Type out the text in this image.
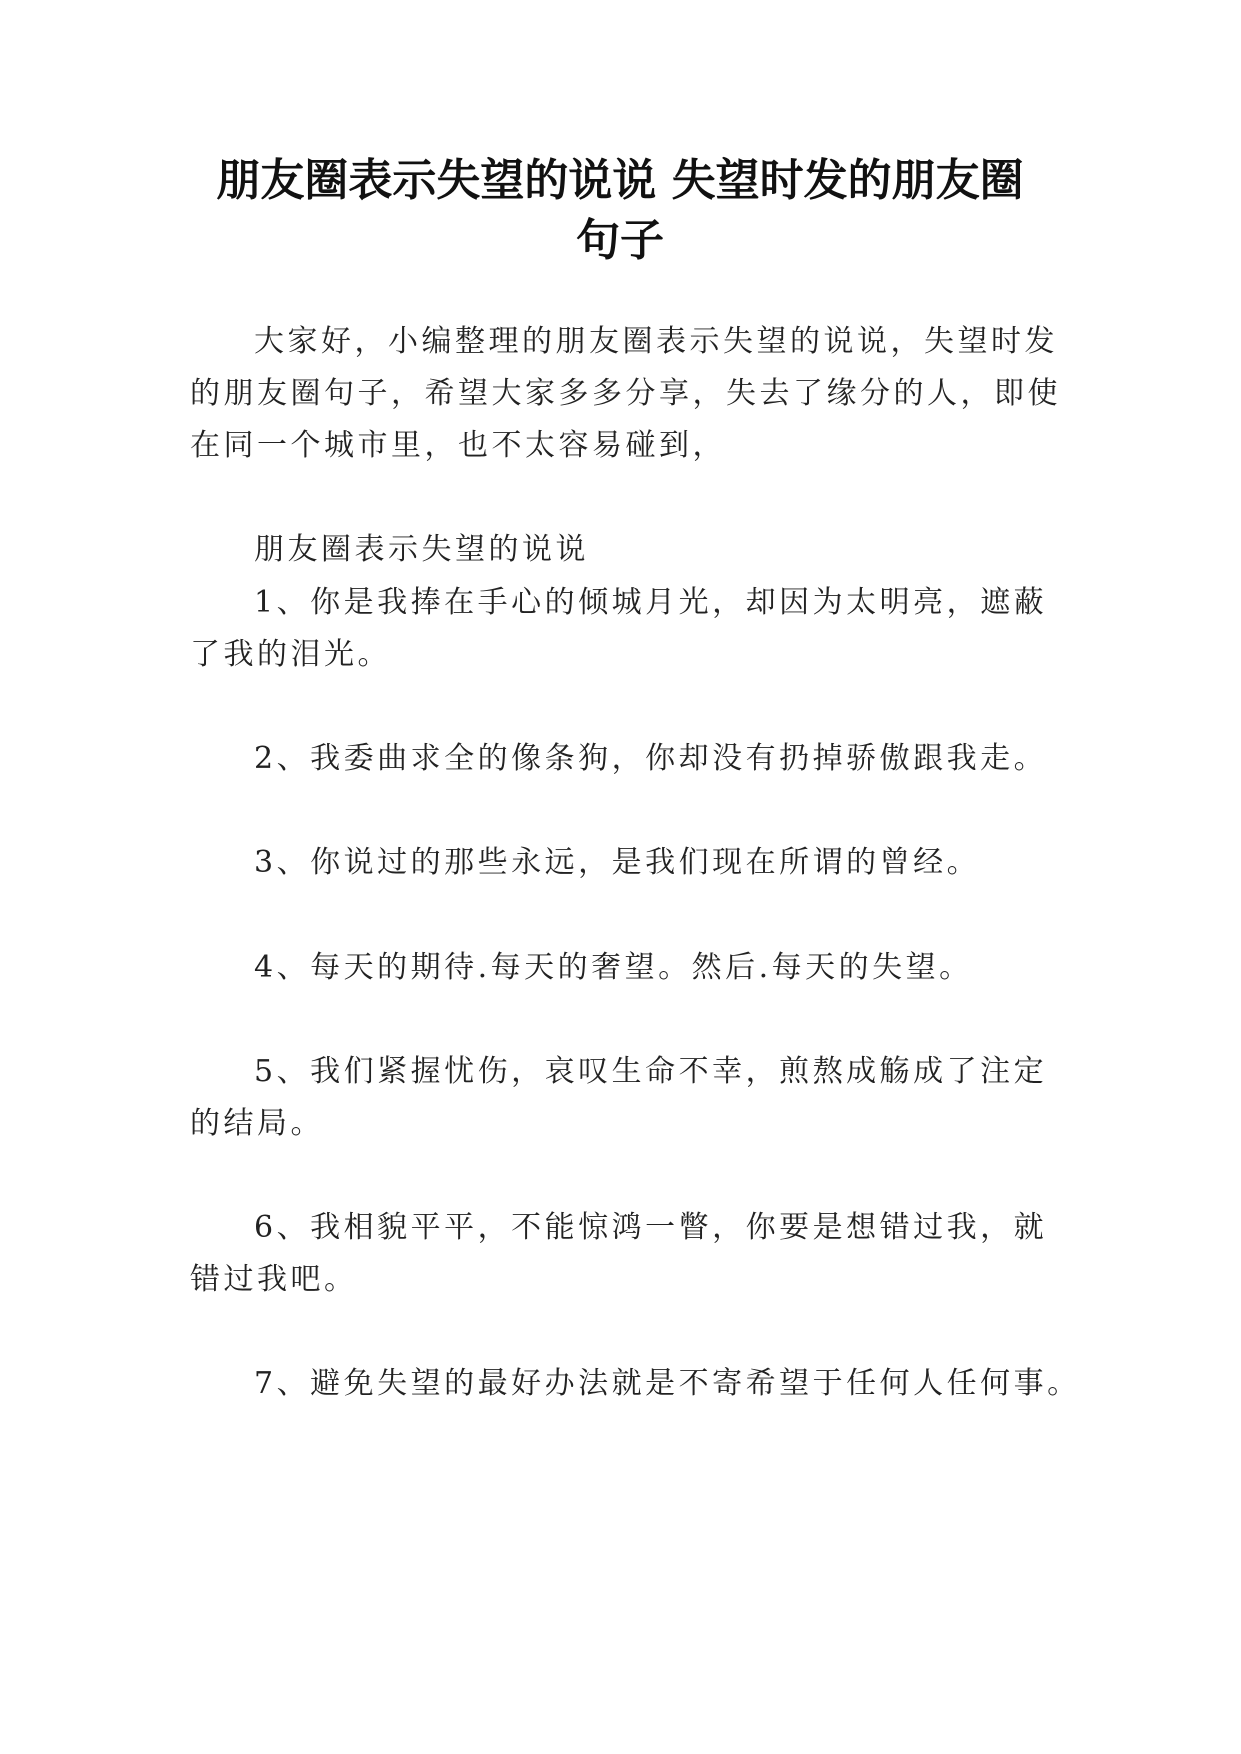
朋友圈表示失望的说说 失望时发的朋友圈
句子
大家好，小编整理的朋友圈表示失望的说说，失望时发
的朋友圈句子，希望大家多多分享，失去了缘分的人，即使
在同一个城市里，也不太容易碰到，
朋友圈表示失望的说说
1、你是我捧在手心的倾城月光，却因为太明亮，遮蔽
了我的泪光。
2、我委曲求全的像条狗，你却没有扔掉骄傲跟我走。
3、你说过的那些永远，是我们现在所谓的曾经。
4、每天的期待.每天的奢望。然后.每天的失望。
5、我们紧握忧伤，哀叹生命不幸，煎熬成觞成了注定
的结局。
6、我相貌平平，不能惊鸿一瞥，你要是想错过我，就
错过我吧。
7、避免失望的最好办法就是不寄希望于任何人任何事。
